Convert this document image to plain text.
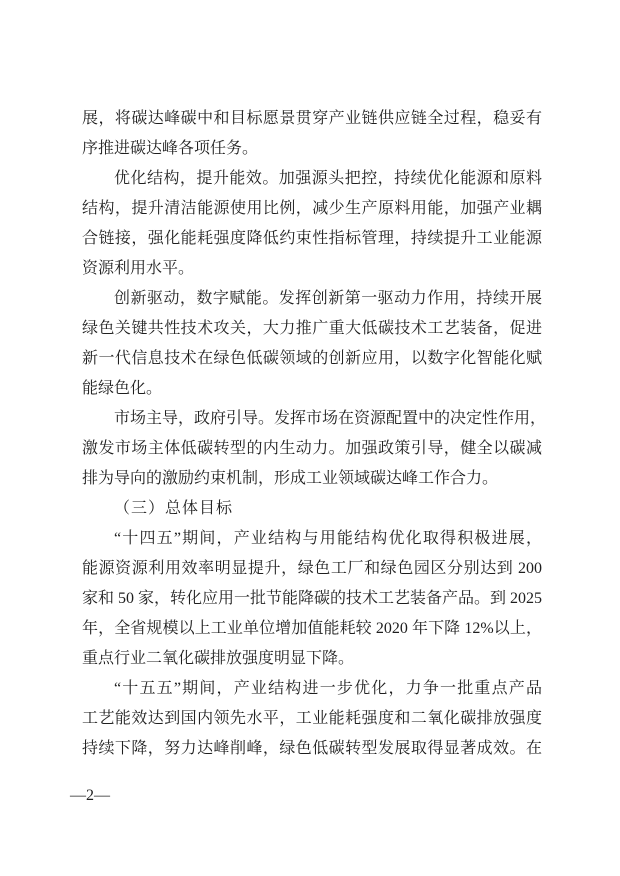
展，将碳达峰碳中和目标愿景贯穿产业链供应链全过程，稳妥有
序推进碳达峰各项任务。
优化结构，提升能效。加强源头把控，持续优化能源和原料
结构，提升清洁能源使用比例，减少生产原料用能，加强产业耦
合链接，强化能耗强度降低约束性指标管理，持续提升工业能源
资源利用水平。
创新驱动，数字赋能。发挥创新第一驱动力作用，持续开展
绿色关键共性技术攻关，大力推广重大低碳技术工艺装备，促进
新一代信息技术在绿色低碳领域的创新应用，以数字化智能化赋
能绿色化。
市场主导，政府引导。发挥市场在资源配置中的决定性作用，
激发市场主体低碳转型的内生动力。加强政策引导，健全以碳减
排为导向的激励约束机制，形成工业领域碳达峰工作合力。
（三）总体目标
“十四五”期间，产业结构与用能结构优化取得积极进展，
能源资源利用效率明显提升，绿色工厂和绿色园区分别达到 200
家和 50 家，转化应用一批节能降碳的技术工艺装备产品。到 2025
年，全省规模以上工业单位增加值能耗较 2020 年下降 12%以上，
重点行业二氧化碳排放强度明显下降。
“十五五”期间，产业结构进一步优化，力争一批重点产品
工艺能效达到国内领先水平，工业能耗强度和二氧化碳排放强度
持续下降，努力达峰削峰，绿色低碳转型发展取得显著成效。在
—2—
